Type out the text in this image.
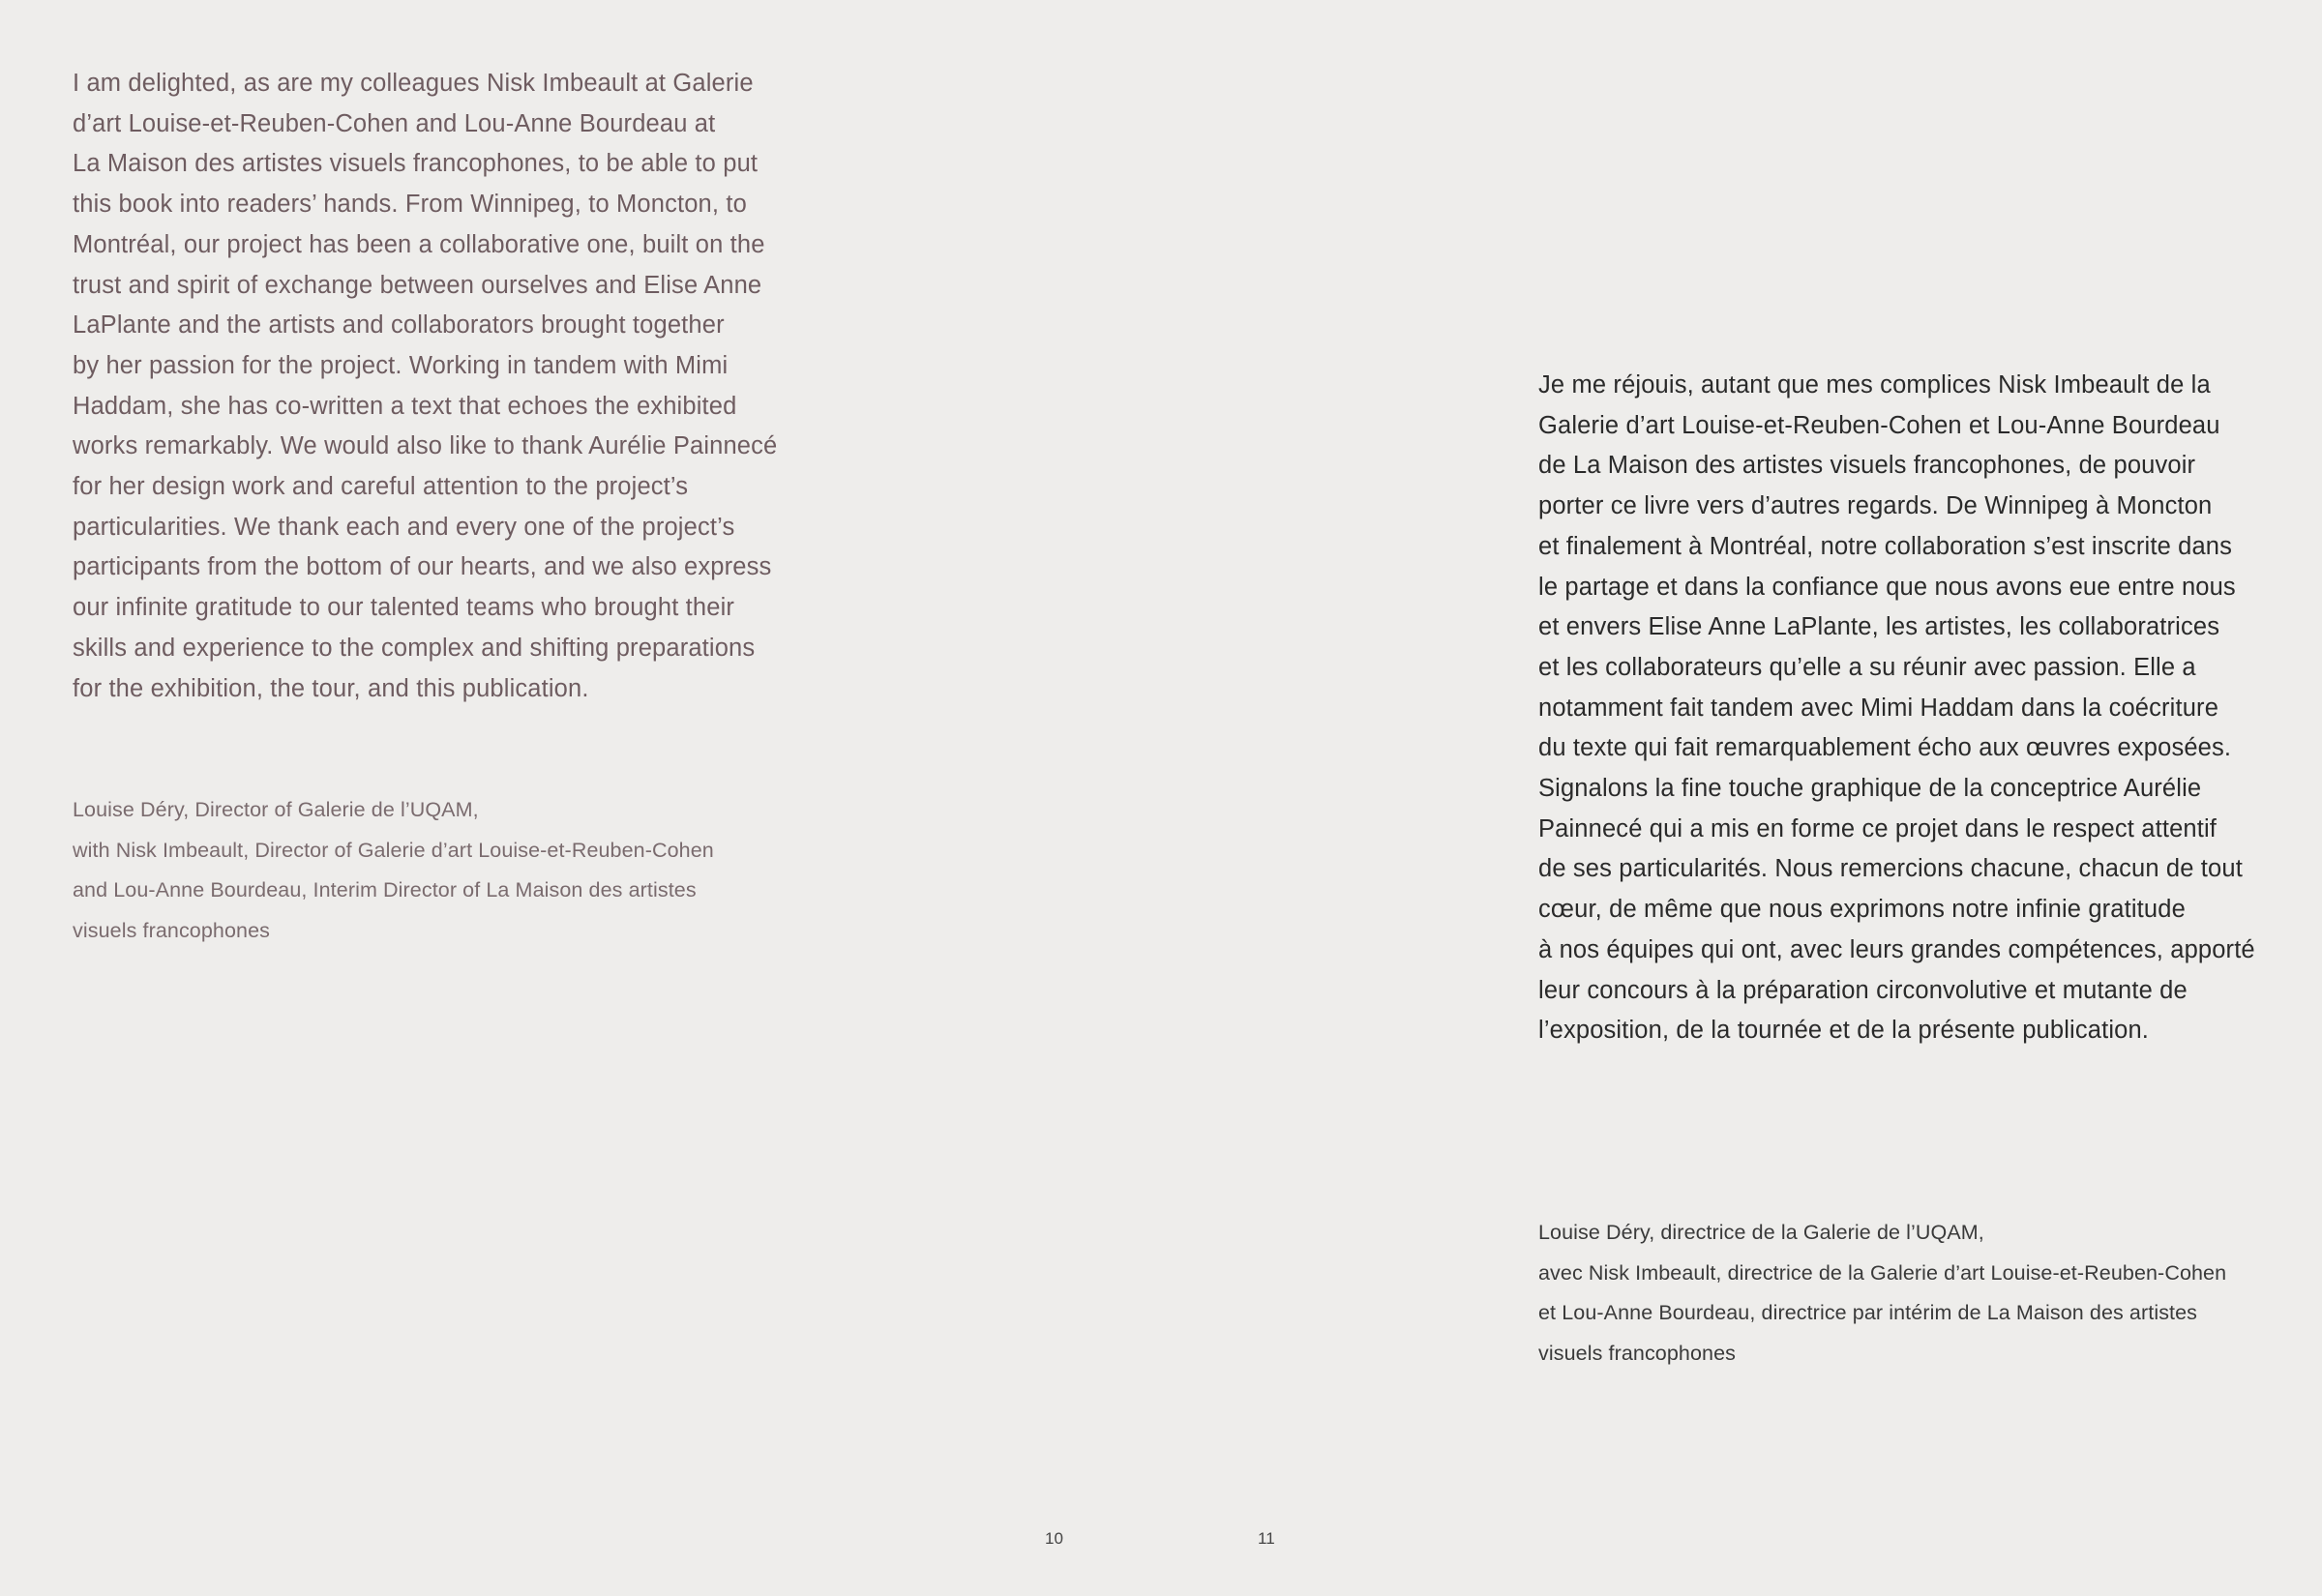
I am delighted, as are my colleagues Nisk Imbeault at Galerie
d’art Louise-et-Reuben-Cohen and Lou-Anne Bourdeau at
La Maison des artistes visuels francophones, to be able to put
this book into readers’ hands. From Winnipeg, to Moncton, to
Montréal, our project has been a collaborative one, built on the
trust and spirit of exchange between ourselves and Elise Anne
LaPlante and the artists and collaborators brought together
by her passion for the project. Working in tandem with Mimi
Haddam, she has co-written a text that echoes the exhibited
works remarkably. We would also like to thank Aurélie Painnecé
for her design work and careful attention to the project’s
particularities. We thank each and every one of the project’s
participants from the bottom of our hearts, and we also express
our infinite gratitude to our talented teams who brought their
skills and experience to the complex and shifting preparations
for the exhibition, the tour, and this publication.

Louise Déry, Director of Galerie de l’UQAM,
with Nisk Imbeault, Director of Galerie d’art Louise-et-Reuben-Cohen
and Lou-Anne Bourdeau, Interim Director of La Maison des artistes
visuels francophones

Je me réjouis, autant que mes complices Nisk Imbeault de la
Galerie d’art Louise-et-Reuben-Cohen et Lou-Anne Bourdeau
de La Maison des artistes visuels francophones, de pouvoir
porter ce livre vers d’autres regards. De Winnipeg à Moncton
et finalement à Montréal, notre collaboration s’est inscrite dans
le partage et dans la confiance que nous avons eue entre nous
et envers Elise Anne LaPlante, les artistes, les collaboratrices
et les collaborateurs qu’elle a su réunir avec passion. Elle a
notamment fait tandem avec Mimi Haddam dans la coécriture
du texte qui fait remarquablement écho aux œuvres exposées.
Signalons la fine touche graphique de la conceptrice Aurélie
Painnecé qui a mis en forme ce projet dans le respect attentif
de ses particularités. Nous remercions chacune, chacun de tout
cœur, de même que nous exprimons notre infinie gratitude
à nos équipes qui ont, avec leurs grandes compétences, apporté
leur concours à la préparation circonvolutive et mutante de
l’exposition, de la tournée et de la présente publication.

Louise Déry, directrice de la Galerie de l’UQAM,
avec Nisk Imbeault, directrice de la Galerie d’art Louise-et-Reuben-Cohen
et Lou-Anne Bourdeau, directrice par intérim de La Maison des artistes
visuels francophones

10	11
